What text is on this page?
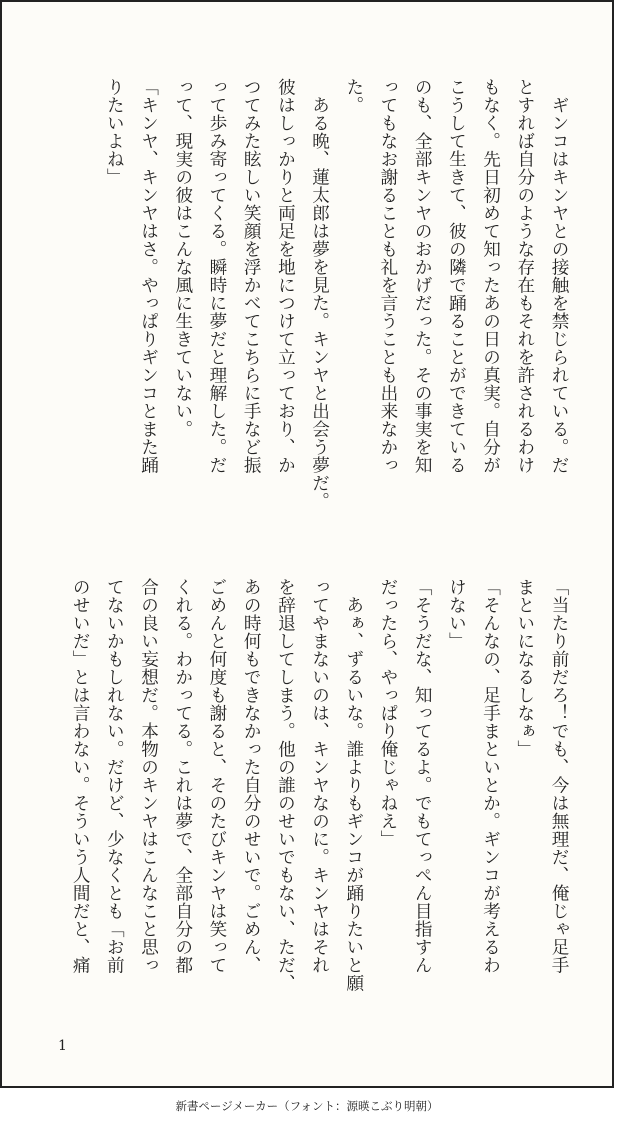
　ギンコはキンヤとの接触を禁じられている。だ
とすれば自分のような存在もそれを許されるわけ
もなく。先日初めて知ったあの日の真実。自分が
こうして生きて、彼の隣で踊ることができている
のも、全部キンヤのおかげだった。その事実を知
ってもなお謝ることも礼を言うことも出来なかっ
た。

　ある晩、蓮太郎は夢を見た。キンヤと出会う夢だ。
彼はしっかりと両足を地につけて立っており、か
つてみた眩しい笑顔を浮かべてこちらに手など振
って歩み寄ってくる。瞬時に夢だと理解した。だ
って、現実の彼はこんな風に生きていない。

「キンヤ、キンヤはさ。やっぱりギンコとまた踊
りたいよね」

「当たり前だろ！でも、今は無理だ、俺じゃ足手
まといになるしなぁ」

「そんなの、足手まといとか。ギンコが考えるわ
けない」

「そうだな、知ってるよ。でもてっぺん目指すん
だったら、やっぱり俺じゃねえ」

　あぁ、ずるいな。誰よりもギンコが踊りたいと願
ってやまないのは、キンヤなのに。キンヤはそれ
を辞退してしまう。他の誰のせいでもない、ただ、
あの時何もできなかった自分のせいで。ごめん、
ごめんと何度も謝ると、そのたびキンヤは笑って
くれる。わかってる。これは夢で、全部自分の都
合の良い妄想だ。本物のキンヤはこんなこと思っ
てないかもしれない。だけど、少なくとも「お前
のせいだ」とは言わない。そういう人間だと、痛

1
新書ページメーカー（フォント：源暎こぶり明朝）
